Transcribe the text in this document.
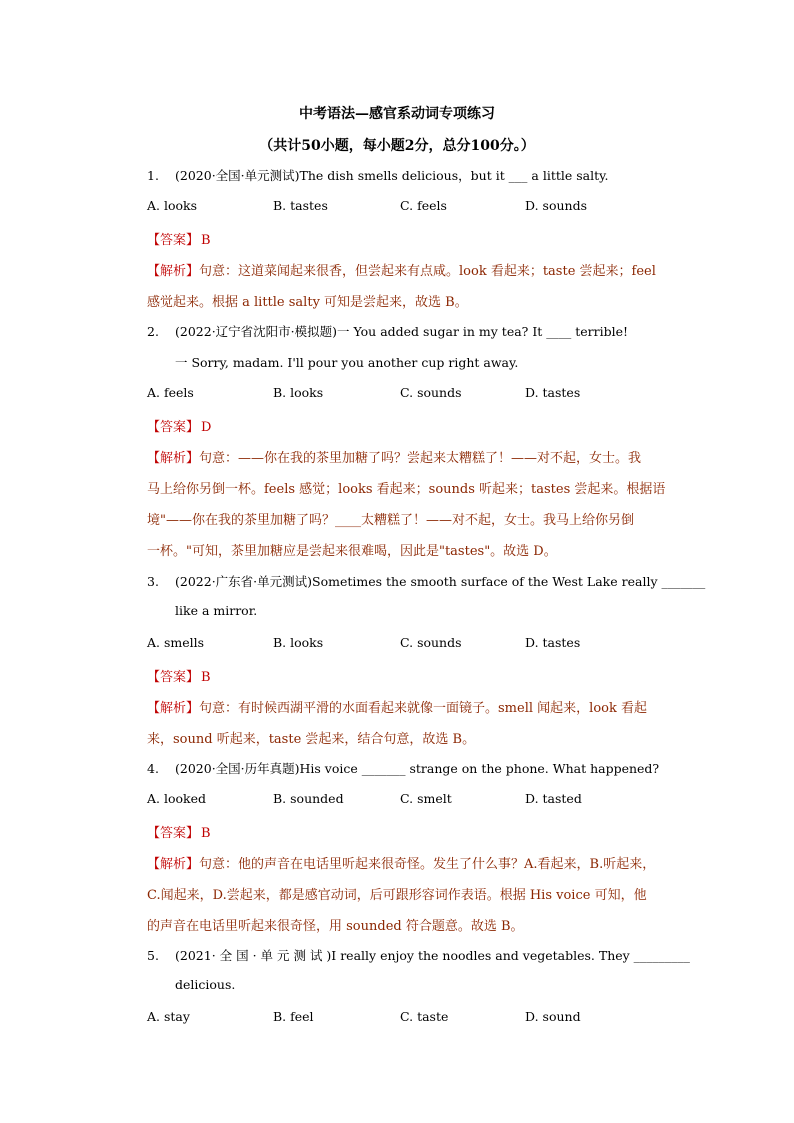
中考语法—感官系动词专项练习
（共计50小题，每小题2分，总分100分。）
1. (2020·全国·单元测试)The dish smells delicious，but it ___ a little salty.
A. looks	B. tastes	C. feels	D. sounds
【答案】 B
【解析】句意：这道菜闻起来很香，但尝起来有点咸。look 看起来；taste 尝起来；feel
感觉起来。根据 a little salty 可知是尝起来，故选 B。
2. (2022·辽宁省沈阳市·模拟题)一 You added sugar in my tea? It ____ terrible!
一 Sorry, madam. I'll pour you another cup right away.
A. feels	B. looks	C. sounds	D. tastes
【答案】 D
【解析】句意：——你在我的茶里加糖了吗？尝起来太糟糕了！——对不起，女士。我
马上给你另倒一杯。feels 感觉；looks 看起来；sounds 听起来；tastes 尝起来。根据语
境"——你在我的茶里加糖了吗？____太糟糕了！——对不起，女士。我马上给你另倒
一杯。"可知，茶里加糖应是尝起来很难喝，因此是"tastes"。故选 D。
3. (2022·广东省·单元测试)Sometimes the smooth surface of the West Lake really _______
like a mirror.
A. smells	B. looks	C. sounds	D. tastes
【答案】 B
【解析】句意：有时候西湖平滑的水面看起来就像一面镜子。smell 闻起来，look 看起
来，sound 听起来，taste 尝起来，结合句意，故选 B。
4. (2020·全国·历年真题)His voice _______ strange on the phone. What happened?
A. looked	B. sounded	C. smelt	D. tasted
【答案】 B
【解析】句意：他的声音在电话里听起来很奇怪。发生了什么事？A.看起来，B.听起来，
C.闻起来，D.尝起来，都是感官动词，后可跟形容词作表语。根据 His voice 可知，他
的声音在电话里听起来很奇怪，用 sounded 符合题意。故选 B。
5. (2021· 全 国 · 单 元 测 试 )I really enjoy the noodles and vegetables. They _________
delicious.
A. stay	B. feel	C. taste	D. sound
